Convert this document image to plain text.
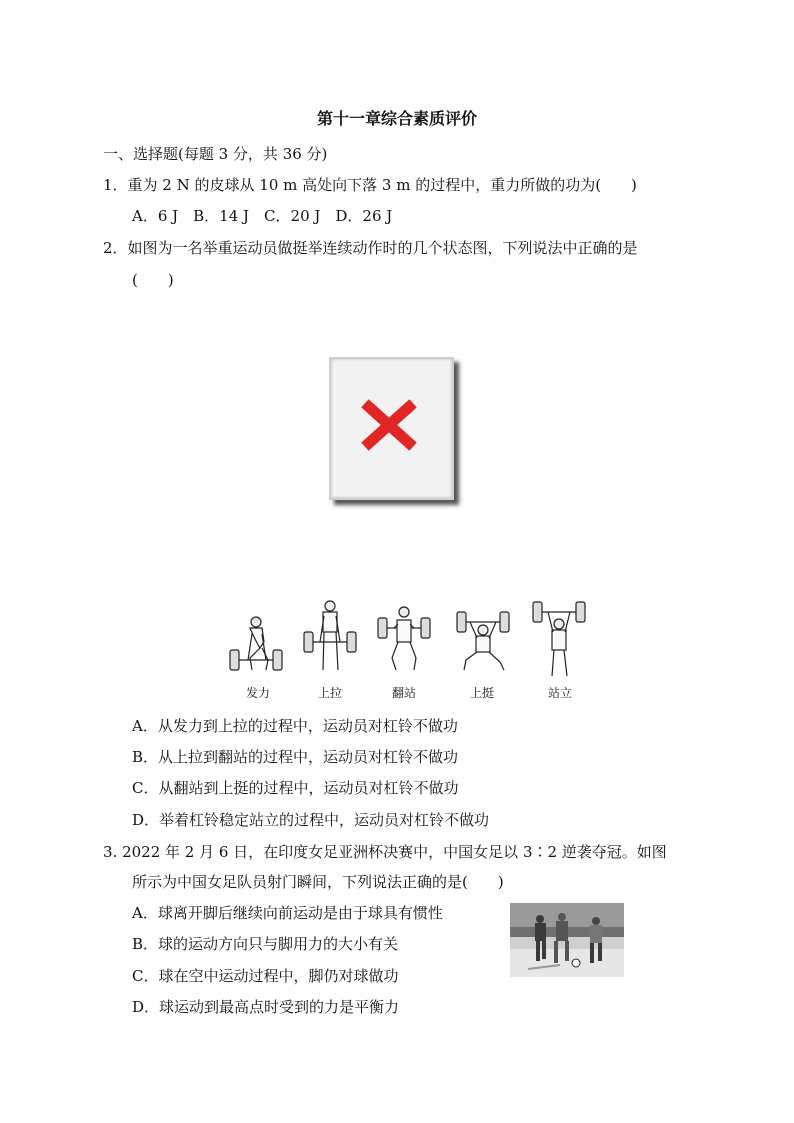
第十一章综合素质评价
一、选择题(每题 3 分，共 36 分)
1．重为 2 N 的皮球从 10 m 高处向下落 3 m 的过程中，重力所做的功为(　　)
A．6 J　B．14 J　C．20 J　D．26 J
2．如图为一名举重运动员做挺举连续动作时的几个状态图，下列说法中正确的是
(　　)
发力	上拉	翻站	上挺	站立
A．从发力到上拉的过程中，运动员对杠铃不做功
B．从上拉到翻站的过程中，运动员对杠铃不做功
C．从翻站到上挺的过程中，运动员对杠铃不做功
D．举着杠铃稳定站立的过程中，运动员对杠铃不做功
3. 2022 年 2 月 6 日，在印度女足亚洲杯决赛中，中国女足以 3∶2 逆袭夺冠。如图
所示为中国女足队员射门瞬间，下列说法正确的是(　　)
A．球离开脚后继续向前运动是由于球具有惯性
B．球的运动方向只与脚用力的大小有关
C．球在空中运动过程中，脚仍对球做功
D．球运动到最高点时受到的力是平衡力
